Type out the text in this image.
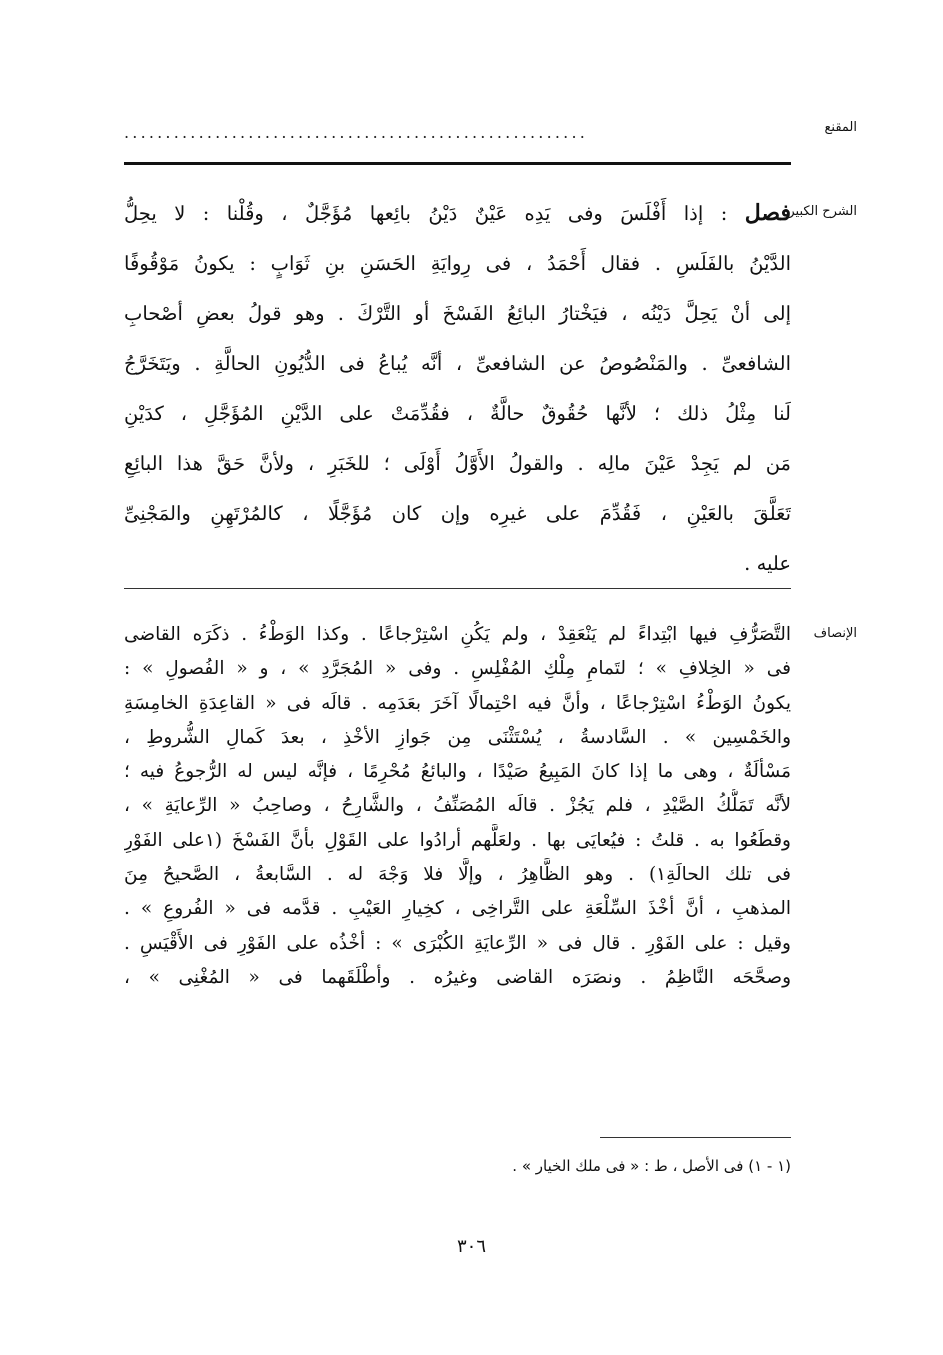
المقنع
........................................................
الشرح الكبير
فصل : إذا أَفْلَسَ وفى يَدِه عَيْنٌ دَيْنُ بائِعها مُؤَجَّلٌ ، وقُلْنا : لا يحِلُّ
الدَّيْنُ بالفَلَسِ . فقال أَحْمَدُ ، فى رِوايَةِ الحَسَنِ بنِ ثَوَابٍ : يكونُ مَوْقُوفًا
إلى أنْ يَحِلَّ دَيْنُه ، فيَخْتارُ البائِعُ الفَسْخَ أو التَّرْكَ . وهو قولُ بعضِ أصْحابِ
الشافعىِّ . والمَنْصُوصُ عن الشافعىِّ ، أنَّه يُباعُ فى الدُّيُونِ الحالَّةِ . ويَتَخَرَّجُ
لَنا مِثْلُ ذلك ؛ لأنَّها حُقُوقٌ حالَّةٌ ، فقُدِّمَتْ على الدَّيْنِ المُؤَجَّلِ ، كدَيْنِ
مَن لم يَجِدْ عَيْنَ مالِه . والقولُ الأَوَّلُ أَوْلَى ؛ للخَبَرِ ، ولأنَّ حَقَّ هذا البائِعِ
تَعَلَّقَ بالعَيْنِ ، فَقُدِّمَ على غيرِه وإن كان مُؤَجَّلًا ، كالمُرْتَهِنِ والمَجْنِىِّ
عليه .
الإنصاف
التَّصَرُّفِ فيها ابْتِداءً لم يَنْعَقِدْ ، ولم يَكُنِ اسْتِرْجاعًا . وكذا الوَطْءُ . ذكَرَه القاضى
فى « الخِلافِ » ؛ لتَمامِ مِلْكِ المُفْلِسِ . وفى « المُجَرَّدِ » ، و « الفُصولِ » :
يكونُ الوَطْءُ اسْتِرْجاعًا ، وأنَّ فيه احْتِمالًا آخَرَ بعَدَمِه . قالَه فى « القاعِدَةِ الخامِسَةِ
والخَمْسِين » . السَّادسةُ ، يُسْتَثْنَى مِن جَوازِ الأخْذِ ، بعدَ كَمالِ الشُّروطِ ،
مَسْألَةٌ ، وهى ما إذا كانَ المَبِيعُ صَيْدًا ، والبائعُ مُحْرِمًا ، فإنَّه ليس له الرُّجوعُ فيه ؛
لأنَّه تَمَلُّكُ الصَّيْدِ ، فلم يَجُزْ . قالَه المُصَنِّفُ ، والشَّارِحُ ، وصاحِبُ « الرِّعايَةِ » ،
وقطَعُوا به . قلتُ : فيُعايَى بها . ولعَلَّهم أرادُوا على القَوْلِ بأنَّ الفَسْخَ (١على الفَوْرِ
فى تلك الحالَةِ١) . وهو الظَّاهِرُ ، وإلَّا فلا وَجْهَ له . السَّابعةُ ، الصَّحيحُ مِنَ
المذهبِ ، أنَّ أخْذَ السِّلْعَةِ على التَّراخِى ، كخِيارِ العَيْبِ . قدَّمه فى « الفُروعِ » .
وقيل : على الفَوْرِ . قال فى « الرِّعايَةِ الكُبْرَى » : أخْذُه على الفَوْرِ فى الأَقْيَسِ .
وصحَّحَه النَّاظِمُ . ونصَرَه القاضى وغيرُه . وأطْلَقَهما فى « المُغْنِى » ،
(١ - ١) فى الأصل ، ط : « فى ملك الخيار » .
٣٠٦
